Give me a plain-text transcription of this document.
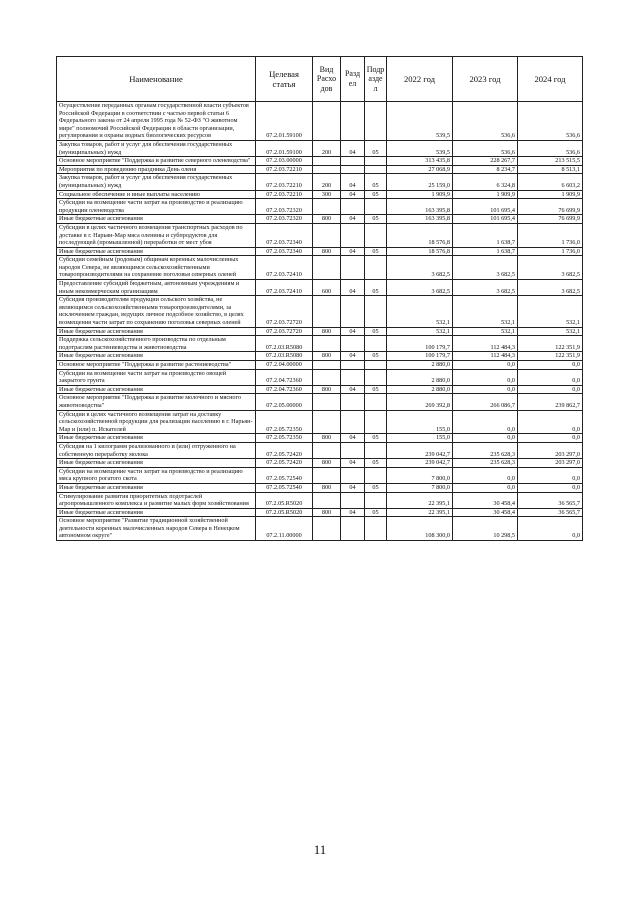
Наименование	Целевая статья	Вид Расхо дов	Разд ел	Подр азде л	2022 год	2023 год	2024 год
Осуществление переданных органам государственной власти субъектов Российской Федерации в соответствии с частью первой статьи 6 Федерального закона от 24 апреля 1995 года № 52-ФЗ "О животном мире" полномочий Российской Федерации в области организации, регулирования и охраны водных биологических ресурсов	07.2.01.59100				539,5	536,6	536,6
Закупка товаров, работ и услуг для обеспечения государственных (муниципальных) нужд	07.2.01.59100	200	04	05	539,5	536,6	536,6
Основное мероприятие "Поддержка и развитие северного оленеводства"	07.2.03.00000				313 435,8	228 267,7	213 515,5
Мероприятия по проведению праздника День оленя	07.2.03.72210				27 068,9	8 234,7	8 513,1
Закупка товаров, работ и услуг для обеспечения государственных (муниципальных) нужд	07.2.03.72210	200	04	05	25 159,0	6 324,8	6 603,2
Социальное обеспечение и иные выплаты населению	07.2.03.72210	300	04	05	1 909,9	1 909,9	1 909,9
Субсидии на возмещение части затрат на производство и реализацию продукции оленеводства	07.2.03.72320				163 395,8	101 695,4	76 699,9
Иные бюджетные ассигнования	07.2.03.72320	800	04	05	163 395,8	101 695,4	76 699,9
Субсидии в целях частичного возмещения транспортных расходов по доставке в г. Нарьян-Мар мяса оленины и субпродуктов для последующей (промышленной) переработки от мест убоя	07.2.03.72340				18 576,8	1 638,7	1 736,0
Иные бюджетные ассигнования	07.2.03.72340	800	04	05	18 576,8	1 638,7	1 736,0
Субсидии семейным (родовым) общинам коренных малочисленных народов Севера, не являющимся сельскохозяйственными товаропроизводителями на сохранение поголовья северных оленей	07.2.03.72410				3 682,5	3 682,5	3 682,5
Предоставление субсидий бюджетным, автономным учреждениям и иным некоммерческим организациям	07.2.03.72410	600	04	05	3 682,5	3 682,5	3 682,5
Субсидия производителям продукции сельского хозяйства, не являющимся сельскохозяйственными товаропроизводителями, за исключением граждан, ведущих личное подсобное хозяйство, в целях возмещения части затрат по сохранению поголовья северных оленей	07.2.03.72720				532,1	532,1	532,1
Иные бюджетные ассигнования	07.2.03.72720	800	04	05	532,1	532,1	532,1
Поддержка сельскохозяйственного производства по отдельным подотраслям растениеводства и животноводства	07.2.03.R5080				100 179,7	112 484,3	122 351,9
Иные бюджетные ассигнования	07.2.03.R5080	800	04	05	100 179,7	112 484,3	122 351,9
Основное мероприятие "Поддержка и развитие растениеводства"	07.2.04.00000				2 880,0	0,0	0,0
Субсидии на возмещение части затрат на производство овощей закрытого грунта	07.2.04.72360				2 880,0	0,0	0,0
Иные бюджетные ассигнования	07.2.04.72360	800	04	05	2 880,0	0,0	0,0
Основное мероприятие "Поддержка и развитие молочного и мясного животноводства"	07.2.05.00000				269 392,8	266 086,7	239 862,7
Субсидии в целях частичного возмещения затрат на доставку сельскохозяйственной продукции для реализации населению в г. Нарьян-Мар и (или) п. Искателей	07.2.05.72350				155,0	0,0	0,0
Иные бюджетные ассигнования	07.2.05.72350	800	04	05	155,0	0,0	0,0
Субсидия на 1 килограмм реализованного и (или) отгруженного на собственную переработку молока	07.2.05.72420				239 042,7	235 628,3	203 297,0
Иные бюджетные ассигнования	07.2.05.72420	800	04	05	239 042,7	235 628,3	203 297,0
Субсидии на возмещение части затрат на производство и реализацию мяса крупного рогатого скота	07.2.05.72540				7 800,0	0,0	0,0
Иные бюджетные ассигнования	07.2.05.72540	800	04	05	7 800,0	0,0	0,0
Стимулирование развития приоритетных подотраслей агропромышленного комплекса и развитие малых форм хозяйствования	07.2.05.R5020				22 395,1	30 458,4	36 565,7
Иные бюджетные ассигнования	07.2.05.R5020	800	04	05	22 395,1	30 458,4	36 565,7
Основное мероприятие "Развитие традиционной хозяйственной деятельности коренных малочисленных народов Севера в Ненецком автономном округе"	07.2.11.00000				108 300,0	10 298,5	0,0
11
